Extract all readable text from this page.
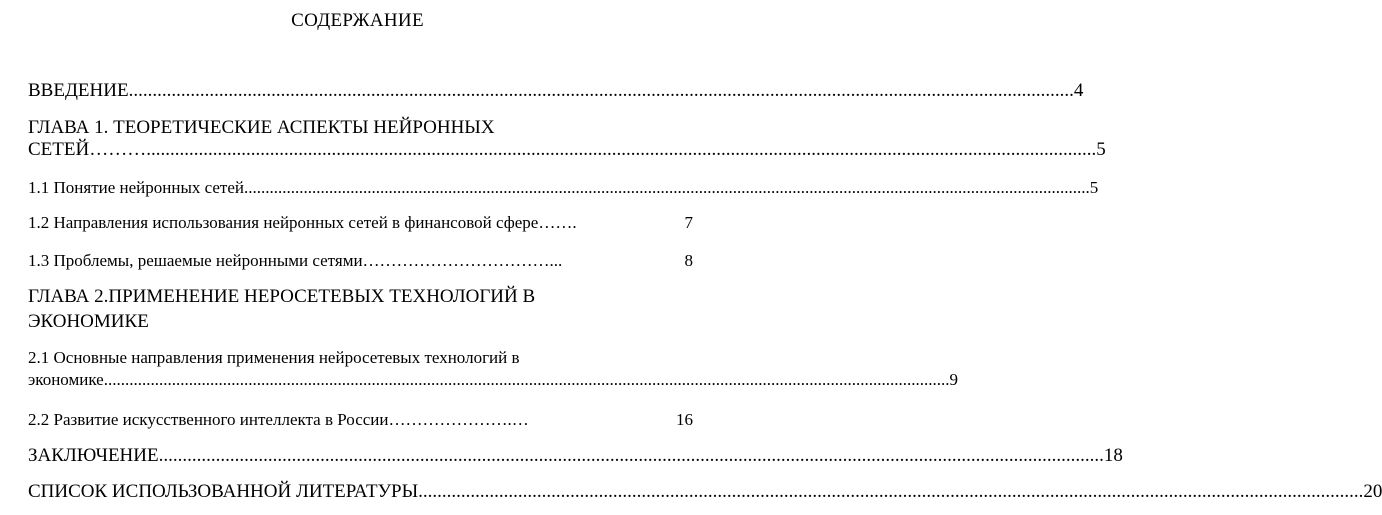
СОДЕРЖАНИЕ
ВВЕДЕНИЕ ....................................................................................................................................................................................................... 4
ГЛАВА 1. ТЕОРЕТИЧЕСКИЕ АСПЕКТЫ НЕЙРОННЫХ
СЕТЕЙ………. ....................................................................................................................................................................................................... 5
1.1 Понятие нейронных сетей ....................................................................................................................................................................................................... 5
1.2 Направления использования нейронных сетей в финансовой сфере…….	7
1.3 Проблемы, решаемые нейронными сетями……………………………...	8
ГЛАВА 2.ПРИМЕНЕНИЕ НЕРОСЕТЕВЫХ ТЕХНОЛОГИЙ В
ЭКОНОМИКЕ
2.1 Основные направления применения нейросетевых технологий в
экономике ....................................................................................................................................................................................................... 9
2.2 Развитие искусственного интеллекта в России………………….…	16
ЗАКЛЮЧЕНИЕ ....................................................................................................................................................................................................... 18
СПИСОК ИСПОЛЬЗОВАННОЙ ЛИТЕРАТУРЫ ....................................................................................................................................................................................................... 20
